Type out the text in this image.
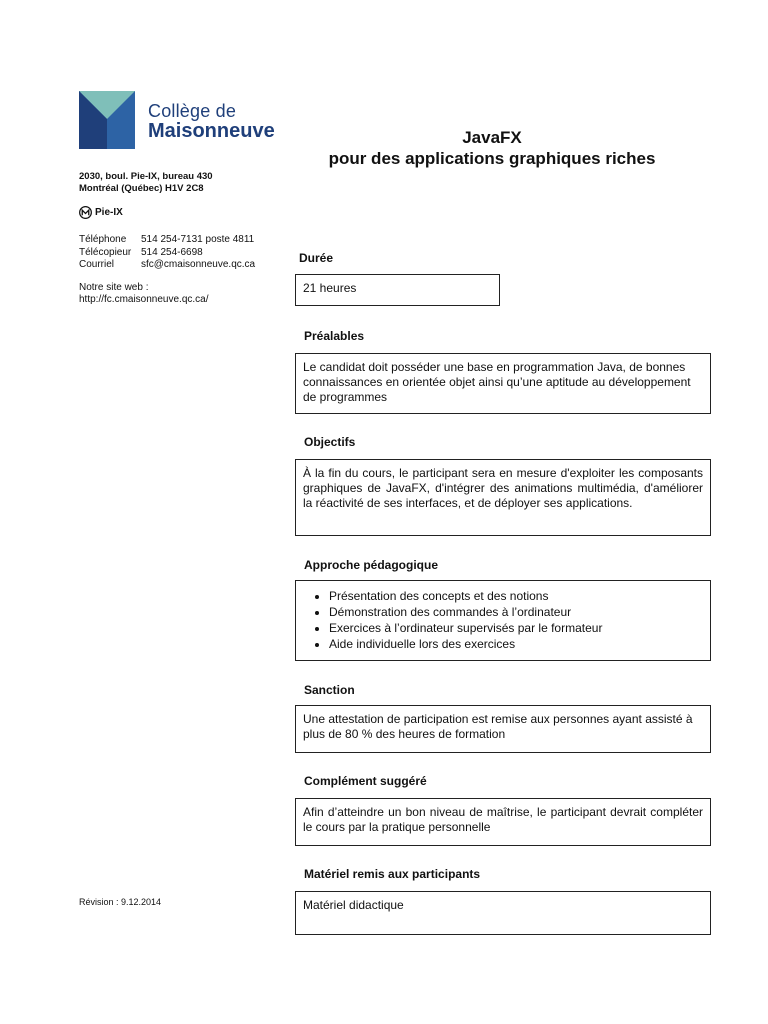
Collège de
Maisonneuve	JavaFX
pour des applications graphiques riches
2030, boul. Pie-IX, bureau 430
Montréal (Québec) H1V 2C8
Pie-IX
Téléphone	514 254-7131 poste 4811
Télécopieur	514 254-6698
Courriel	sfc@cmaisonneuve.qc.ca
Notre site web :
http://fc.cmaisonneuve.qc.ca/
Révision : 9.12.2014
Durée
21 heures
Préalables
Le candidat doit posséder une base en programmation Java, de bonnes connaissances en orientée objet ainsi qu’une aptitude au développement de programmes
Objectifs
À la fin du cours, le participant sera en mesure d'exploiter les composants graphiques de JavaFX, d'intégrer des animations multimédia, d'améliorer la réactivité de ses interfaces, et de déployer ses applications.
Approche pédagogique
• Présentation des concepts et des notions
• Démonstration des commandes à l’ordinateur
• Exercices à l’ordinateur supervisés par le formateur
• Aide individuelle lors des exercices
Sanction
Une attestation de participation est remise aux personnes ayant assisté à plus de 80 % des heures de formation
Complément suggéré
Afin d’atteindre un bon niveau de maîtrise, le participant devrait compléter le cours par la pratique personnelle
Matériel remis aux participants
Matériel didactique
